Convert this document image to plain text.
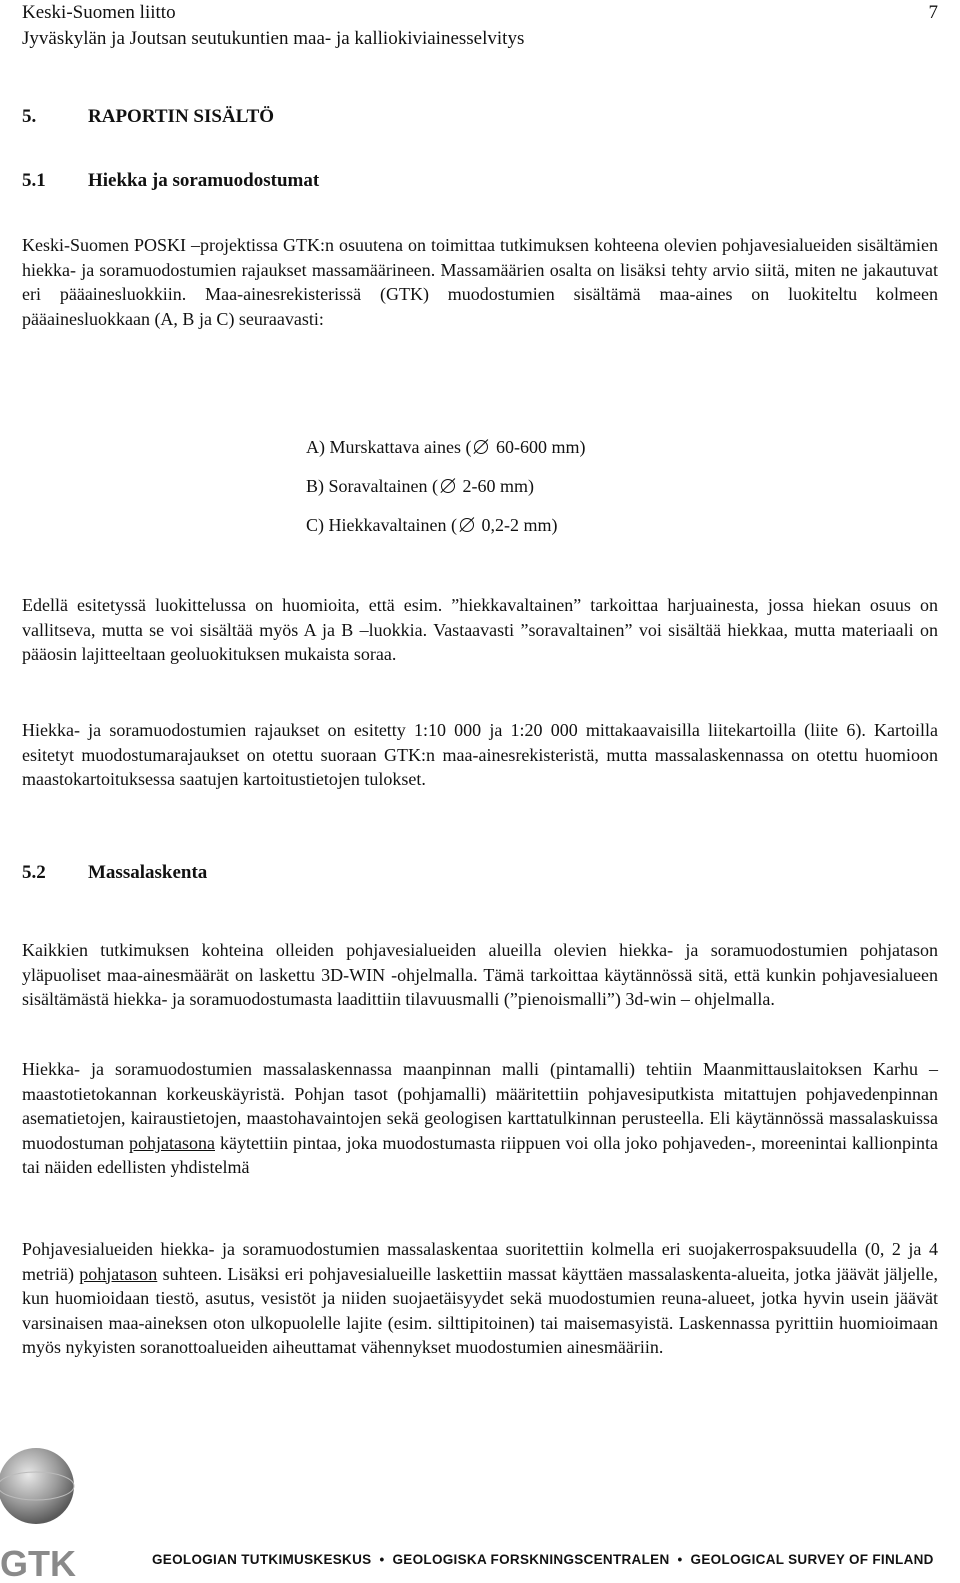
Keski-Suomen liitto
Jyväskylän ja Joutsan seutukuntien maa- ja kalliokiviainesselvitys
7
5.	RAPORTIN SISÄLTÖ
5.1 Hiekka ja soramuodostumat

Keski-Suomen POSKI –projektissa GTK:n osuutena on toimittaa tutkimuksen kohteena olevien pohjavesialueiden sisältämien hiekka- ja soramuodostumien rajaukset massamäärineen. Massamäärien osalta on lisäksi tehty arvio siitä, miten ne jakautuvat eri pääainesluokkiin. Maa-ainesrekisterissä (GTK) muodostumien sisältämä maa-aines on luokiteltu kolmeen pääainesluokkaan (A, B ja C) seuraavasti:

A) Murskattava aines ( 60-600 mm)
B) Soravaltainen ( 2-60 mm)
C) Hiekkavaltainen ( 0,2-2 mm)

Edellä esitetyssä luokittelussa on huomioita, että esim. ”hiekkavaltainen” tarkoittaa harjuainesta, jossa hiekan osuus on vallitseva, mutta se voi sisältää myös A ja B –luokkia. Vastaavasti ”soravaltainen” voi sisältää hiekkaa, mutta materiaali on pääosin lajitteeltaan geoluokituksen mukaista soraa.

Hiekka- ja soramuodostumien rajaukset on esitetty 1:10 000 ja 1:20 000 mittakaavaisilla liitekartoilla (liite 6). Kartoilla esitetyt muodostumarajaukset on otettu suoraan GTK:n maa-ainesrekisteristä, mutta massalaskennassa on otettu huomioon maastokartoituksessa saatujen kartoitustietojen tulokset.

5.2 Massalaskenta

Kaikkien tutkimuksen kohteina olleiden pohjavesialueiden alueilla olevien hiekka- ja soramuodostumien pohjatason yläpuoliset maa-ainesmäärät on laskettu 3D-WIN -ohjelmalla. Tämä tarkoittaa käytännössä sitä, että kunkin pohjavesialueen sisältämästä hiekka- ja soramuodostumasta laadittiin tilavuusmalli (”pienoismalli”) 3d-win – ohjelmalla.

Hiekka- ja soramuodostumien massalaskennassa maanpinnan malli (pintamalli) tehtiin Maanmittauslaitoksen Karhu – maastotietokannan korkeuskäyristä. Pohjan tasot (pohjamalli) määritettiin pohjavesiputkista mitattujen pohjavedenpinnan asematietojen, kairaustietojen, maastohavaintojen sekä geologisen karttatulkinnan perusteella. Eli käytännössä massalaskuissa muodostuman pohjatasona käytettiin pintaa, joka muodostumasta riippuen voi olla joko pohjaveden-, moreenintai kallionpinta tai näiden edellisten yhdistelmä

Pohjavesialueiden hiekka- ja soramuodostumien massalaskentaa suoritettiin kolmella eri suojakerrospaksuudella (0, 2 ja 4 metriä) pohjatason suhteen. Lisäksi eri pohjavesialueille laskettiin massat käyttäen massalaskenta-alueita, jotka jäävät jäljelle, kun huomioidaan tiestö, asutus, vesistöt ja niiden suojaetäisyydet sekä muodostumien reuna-alueet, jotka hyvin usein jäävät varsinaisen maa-aineksen oton ulkopuolelle lajite (esim. silttipitoinen) tai maisemasyistä. Laskennassa pyrittiin huomioimaan myös nykyisten soranottoalueiden aiheuttamat vähennykset muodostumien ainesmääriin.

GTK	GEOLOGIAN TUTKIMUSKESKUS • GEOLOGISKA FORSKNINGSCENTRALEN • GEOLOGICAL SURVEY OF FINLAND
